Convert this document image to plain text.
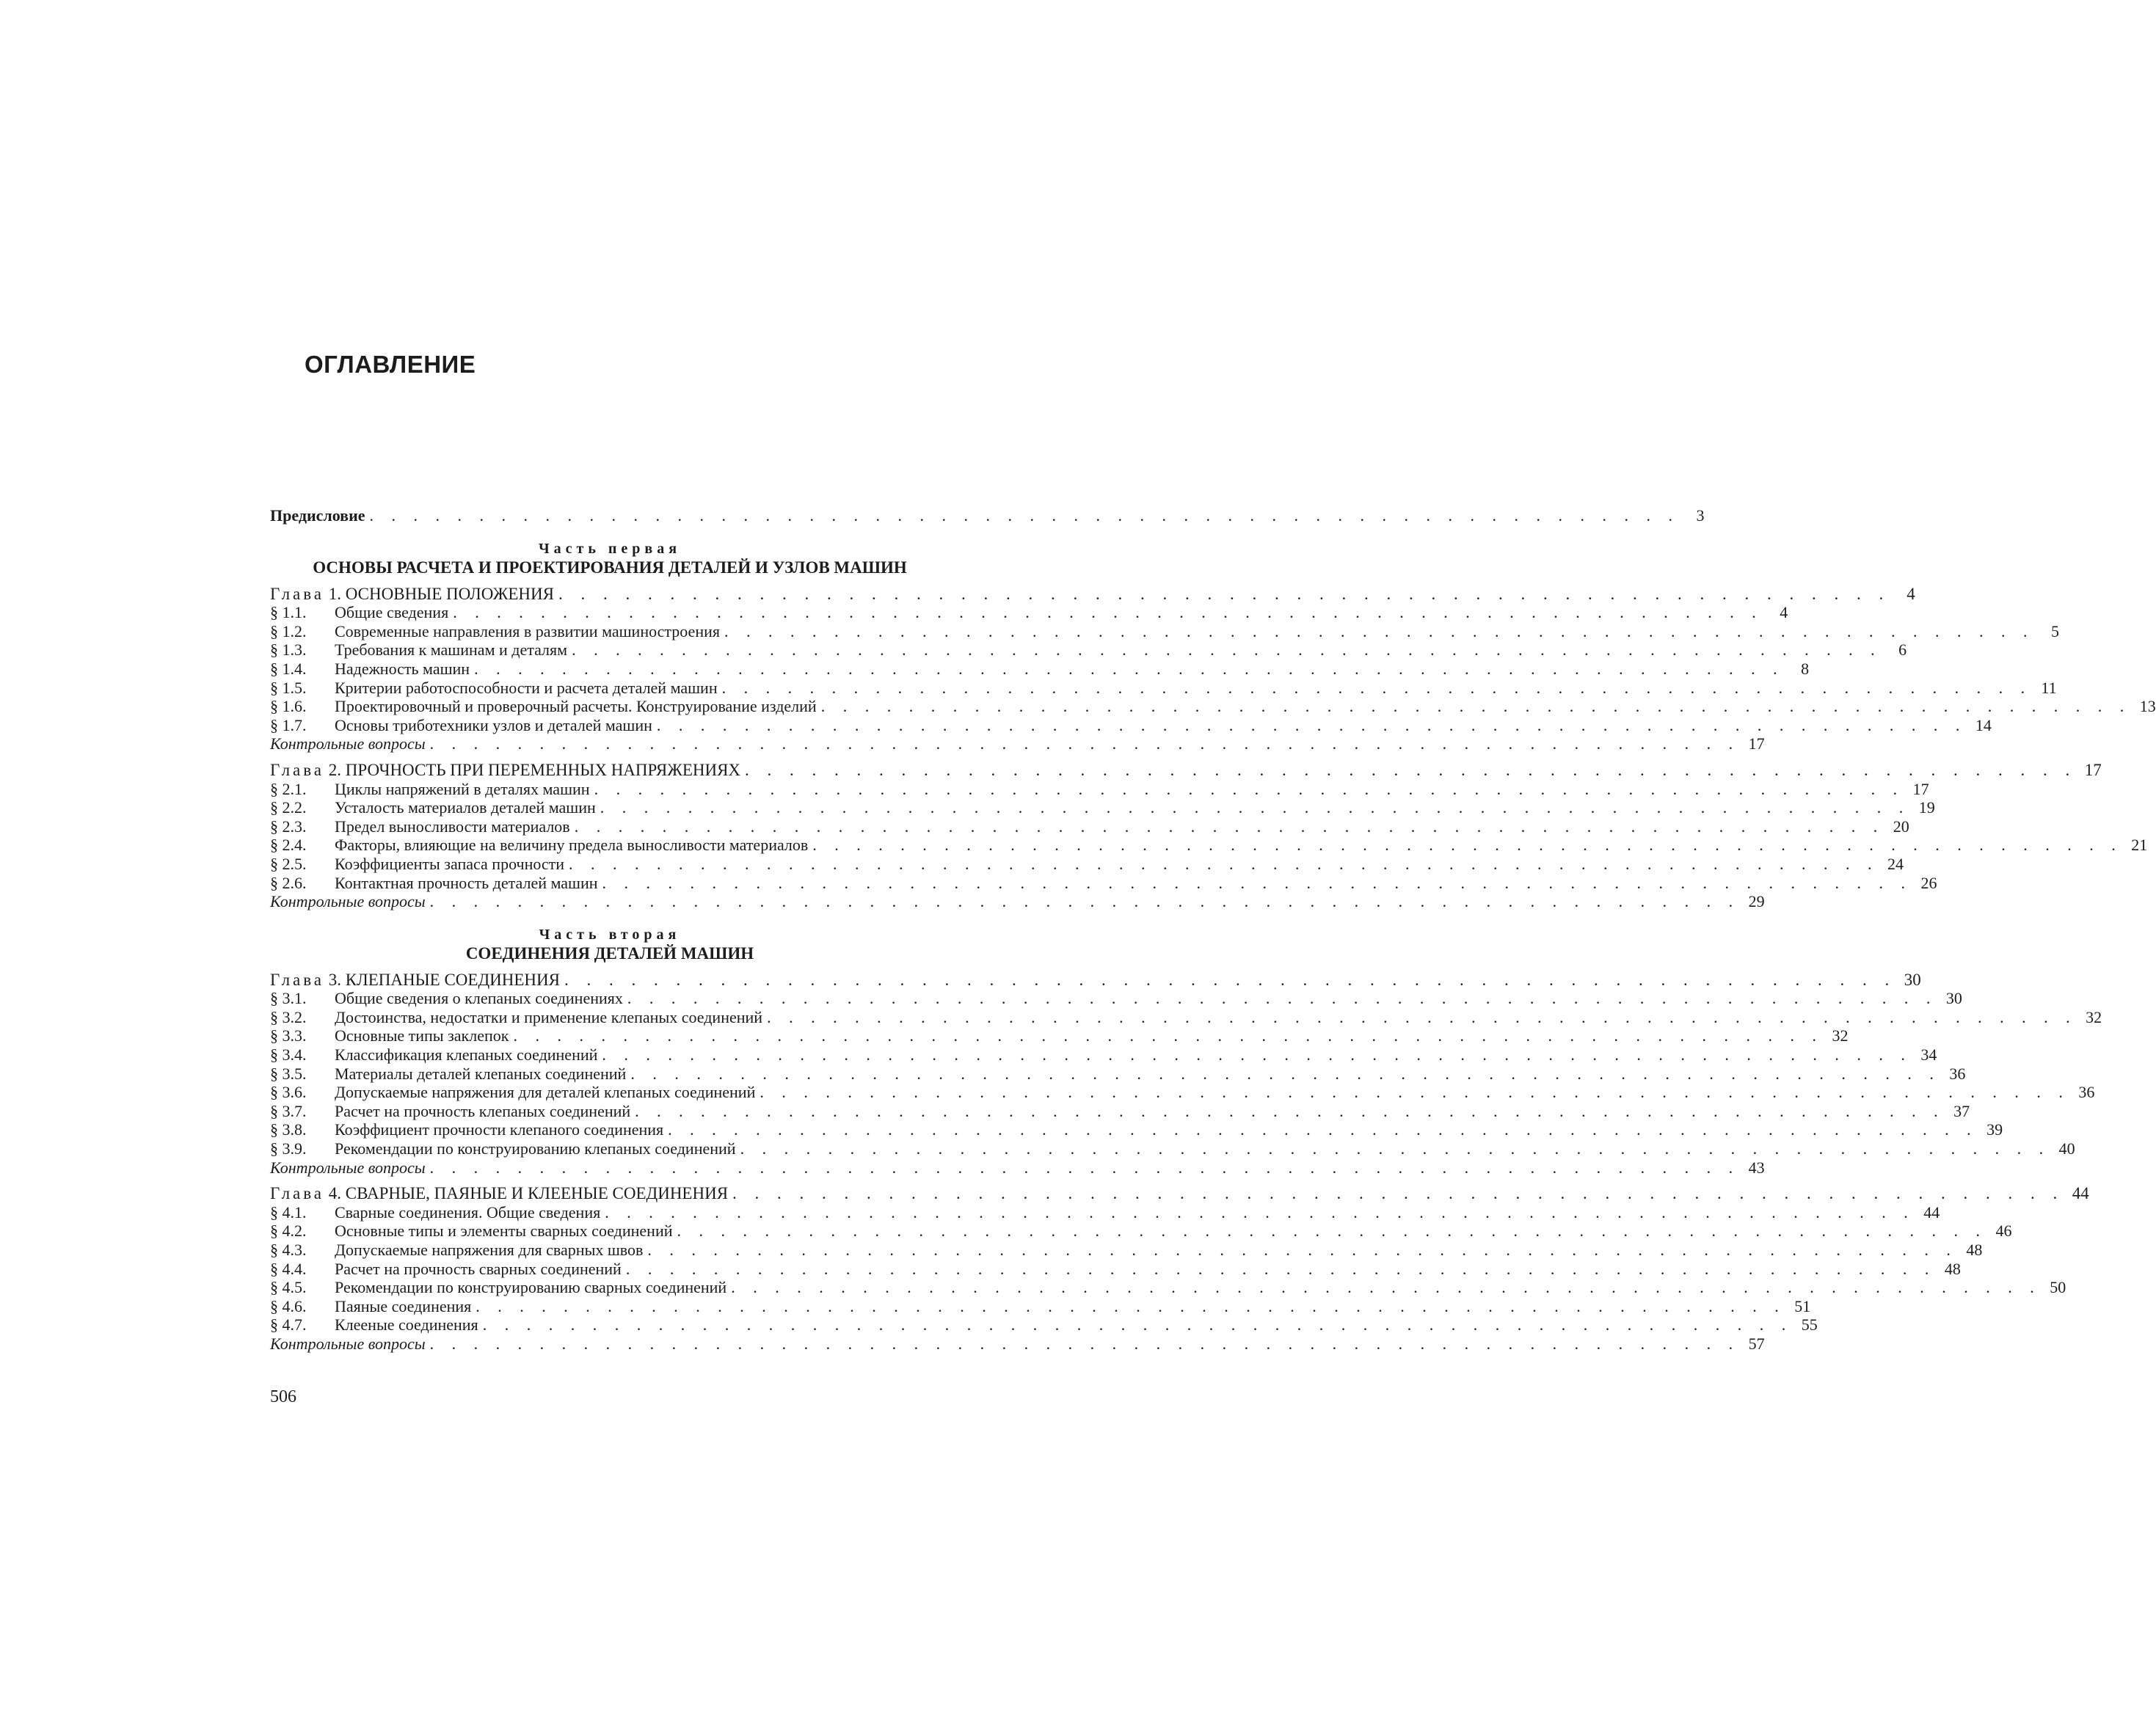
ОГЛАВЛЕНИЕ
Предисловие . . . . . . . . . . . . . . . . . . . . . . . . . . . . . . . . . . . . . . . . . . . . . . . . . . . . . . . . . . . .	3
Часть первая
ОСНОВЫ РАСЧЕТА И ПРОЕКТИРОВАНИЯ ДЕТАЛЕЙ И УЗЛОВ МАШИН
Глава 1. ОСНОВНЫЕ ПОЛОЖЕНИЯ . . . . . . . . . . . . . . . . . . . . . . . . . . . . . . . . . . . . . . . . . . . . . . . . . . . . . . . . . . . . 4
§ 1.1.	Общие сведения . . . . . . . . . . . . . . . . . . . . . . . . . . . . . . . . . . . . . . . . . . . . . . . . . . . . . . . . . . . .	4
§ 1.2.	Современные направления в развитии машиностроения . . . . . . . . . . . . . . . . . . . . . . . . . . . . . . . . . . . . . . . . . . . . . . . . . . . . . . . . . . . .	5
§ 1.3.	Требования к машинам и деталям . . . . . . . . . . . . . . . . . . . . . . . . . . . . . . . . . . . . . . . . . . . . . . . . . . . . . . . . . . . .	6
§ 1.4.	Надежность машин . . . . . . . . . . . . . . . . . . . . . . . . . . . . . . . . . . . . . . . . . . . . . . . . . . . . . . . . . . . .	8
§ 1.5.	Критерии работоспособности и расчета деталей машин . . . . . . . . . . . . . . . . . . . . . . . . . . . . . . . . . . . . . . . . . . . . . . . . . . . . . . . . . . . . 11
§ 1.6.	Проектировочный и проверочный расчеты. Конструирование изделий . . . . . . . . . . . . . . . . . . . . . . . . . . . . . . . . . . . . . . . . . . . . . . . . . . . . . . . . . . . . 13
§ 1.7.	Основы триботехники узлов и деталей машин . . . . . . . . . . . . . . . . . . . . . . . . . . . . . . . . . . . . . . . . . . . . . . . . . . . . . . . . . . . . 14
Контрольные вопросы . . . . . . . . . . . . . . . . . . . . . . . . . . . . . . . . . . . . . . . . . . . . . . . . . . . . . . . . . . . . 17
Глава 2. ПРОЧНОСТЬ ПРИ ПЕРЕМЕННЫХ НАПРЯЖЕНИЯХ . . . . . . . . . . . . . . . . . . . . . . . . . . . . . . . . . . . . . . . . . . . . . . . . . . . . . . . . . . . . 17
§ 2.1.	Циклы напряжений в деталях машин . . . . . . . . . . . . . . . . . . . . . . . . . . . . . . . . . . . . . . . . . . . . . . . . . . . . . . . . . . . . 17
§ 2.2.	Усталость материалов деталей машин . . . . . . . . . . . . . . . . . . . . . . . . . . . . . . . . . . . . . . . . . . . . . . . . . . . . . . . . . . . . 19
§ 2.3.	Предел выносливости материалов . . . . . . . . . . . . . . . . . . . . . . . . . . . . . . . . . . . . . . . . . . . . . . . . . . . . . . . . . . . . 20
§ 2.4.	Факторы, влияющие на величину предела выносливости материалов . . . . . . . . . . . . . . . . . . . . . . . . . . . . . . . . . . . . . . . . . . . . . . . . . . . . . . . . . . . . 21
§ 2.5.	Коэффициенты запаса прочности . . . . . . . . . . . . . . . . . . . . . . . . . . . . . . . . . . . . . . . . . . . . . . . . . . . . . . . . . . . . 24
§ 2.6.	Контактная прочность деталей машин . . . . . . . . . . . . . . . . . . . . . . . . . . . . . . . . . . . . . . . . . . . . . . . . . . . . . . . . . . . . 26
Контрольные вопросы . . . . . . . . . . . . . . . . . . . . . . . . . . . . . . . . . . . . . . . . . . . . . . . . . . . . . . . . . . . . 29
Часть вторая
СОЕДИНЕНИЯ ДЕТАЛЕЙ МАШИН
Глава 3. КЛЕПАНЫЕ СОЕДИНЕНИЯ . . . . . . . . . . . . . . . . . . . . . . . . . . . . . . . . . . . . . . . . . . . . . . . . . . . . . . . . . . . . 30
§ 3.1.	Общие сведения о клепаных соединениях . . . . . . . . . . . . . . . . . . . . . . . . . . . . . . . . . . . . . . . . . . . . . . . . . . . . . . . . . . . . 30
§ 3.2.	Достоинства, недостатки и применение клепаных соединений . . . . . . . . . . . . . . . . . . . . . . . . . . . . . . . . . . . . . . . . . . . . . . . . . . . . . . . . . . . . 32
§ 3.3.	Основные типы заклепок . . . . . . . . . . . . . . . . . . . . . . . . . . . . . . . . . . . . . . . . . . . . . . . . . . . . . . . . . . . . 32
§ 3.4.	Классификация клепаных соединений . . . . . . . . . . . . . . . . . . . . . . . . . . . . . . . . . . . . . . . . . . . . . . . . . . . . . . . . . . . . 34
§ 3.5.	Материалы деталей клепаных соединений . . . . . . . . . . . . . . . . . . . . . . . . . . . . . . . . . . . . . . . . . . . . . . . . . . . . . . . . . . . . 36
§ 3.6.	Допускаемые напряжения для деталей клепаных соединений . . . . . . . . . . . . . . . . . . . . . . . . . . . . . . . . . . . . . . . . . . . . . . . . . . . . . . . . . . . . 36
§ 3.7.	Расчет на прочность клепаных соединений . . . . . . . . . . . . . . . . . . . . . . . . . . . . . . . . . . . . . . . . . . . . . . . . . . . . . . . . . . . . 37
§ 3.8.	Коэффициент прочности клепаного соединения . . . . . . . . . . . . . . . . . . . . . . . . . . . . . . . . . . . . . . . . . . . . . . . . . . . . . . . . . . . . 39
§ 3.9.	Рекомендации по конструированию клепаных соединений . . . . . . . . . . . . . . . . . . . . . . . . . . . . . . . . . . . . . . . . . . . . . . . . . . . . . . . . . . . . 40
Контрольные вопросы . . . . . . . . . . . . . . . . . . . . . . . . . . . . . . . . . . . . . . . . . . . . . . . . . . . . . . . . . . . . 43
Глава 4. СВАРНЫЕ, ПАЯНЫЕ И КЛЕЕНЫЕ СОЕДИНЕНИЯ . . . . . . . . . . . . . . . . . . . . . . . . . . . . . . . . . . . . . . . . . . . . . . . . . . . . . . . . . . . . 44
§ 4.1.	Сварные соединения. Общие сведения . . . . . . . . . . . . . . . . . . . . . . . . . . . . . . . . . . . . . . . . . . . . . . . . . . . . . . . . . . . . 44
§ 4.2.	Основные типы и элементы сварных соединений . . . . . . . . . . . . . . . . . . . . . . . . . . . . . . . . . . . . . . . . . . . . . . . . . . . . . . . . . . . . 46
§ 4.3.	Допускаемые напряжения для сварных швов . . . . . . . . . . . . . . . . . . . . . . . . . . . . . . . . . . . . . . . . . . . . . . . . . . . . . . . . . . . . 48
§ 4.4.	Расчет на прочность сварных соединений . . . . . . . . . . . . . . . . . . . . . . . . . . . . . . . . . . . . . . . . . . . . . . . . . . . . . . . . . . . . 48
§ 4.5.	Рекомендации по конструированию сварных соединений . . . . . . . . . . . . . . . . . . . . . . . . . . . . . . . . . . . . . . . . . . . . . . . . . . . . . . . . . . . . 50
§ 4.6.	Паяные соединения . . . . . . . . . . . . . . . . . . . . . . . . . . . . . . . . . . . . . . . . . . . . . . . . . . . . . . . . . . . . 51
§ 4.7.	Клееные соединения . . . . . . . . . . . . . . . . . . . . . . . . . . . . . . . . . . . . . . . . . . . . . . . . . . . . . . . . . . . . 55
Контрольные вопросы . . . . . . . . . . . . . . . . . . . . . . . . . . . . . . . . . . . . . . . . . . . . . . . . . . . . . . . . . . . . 57
506
